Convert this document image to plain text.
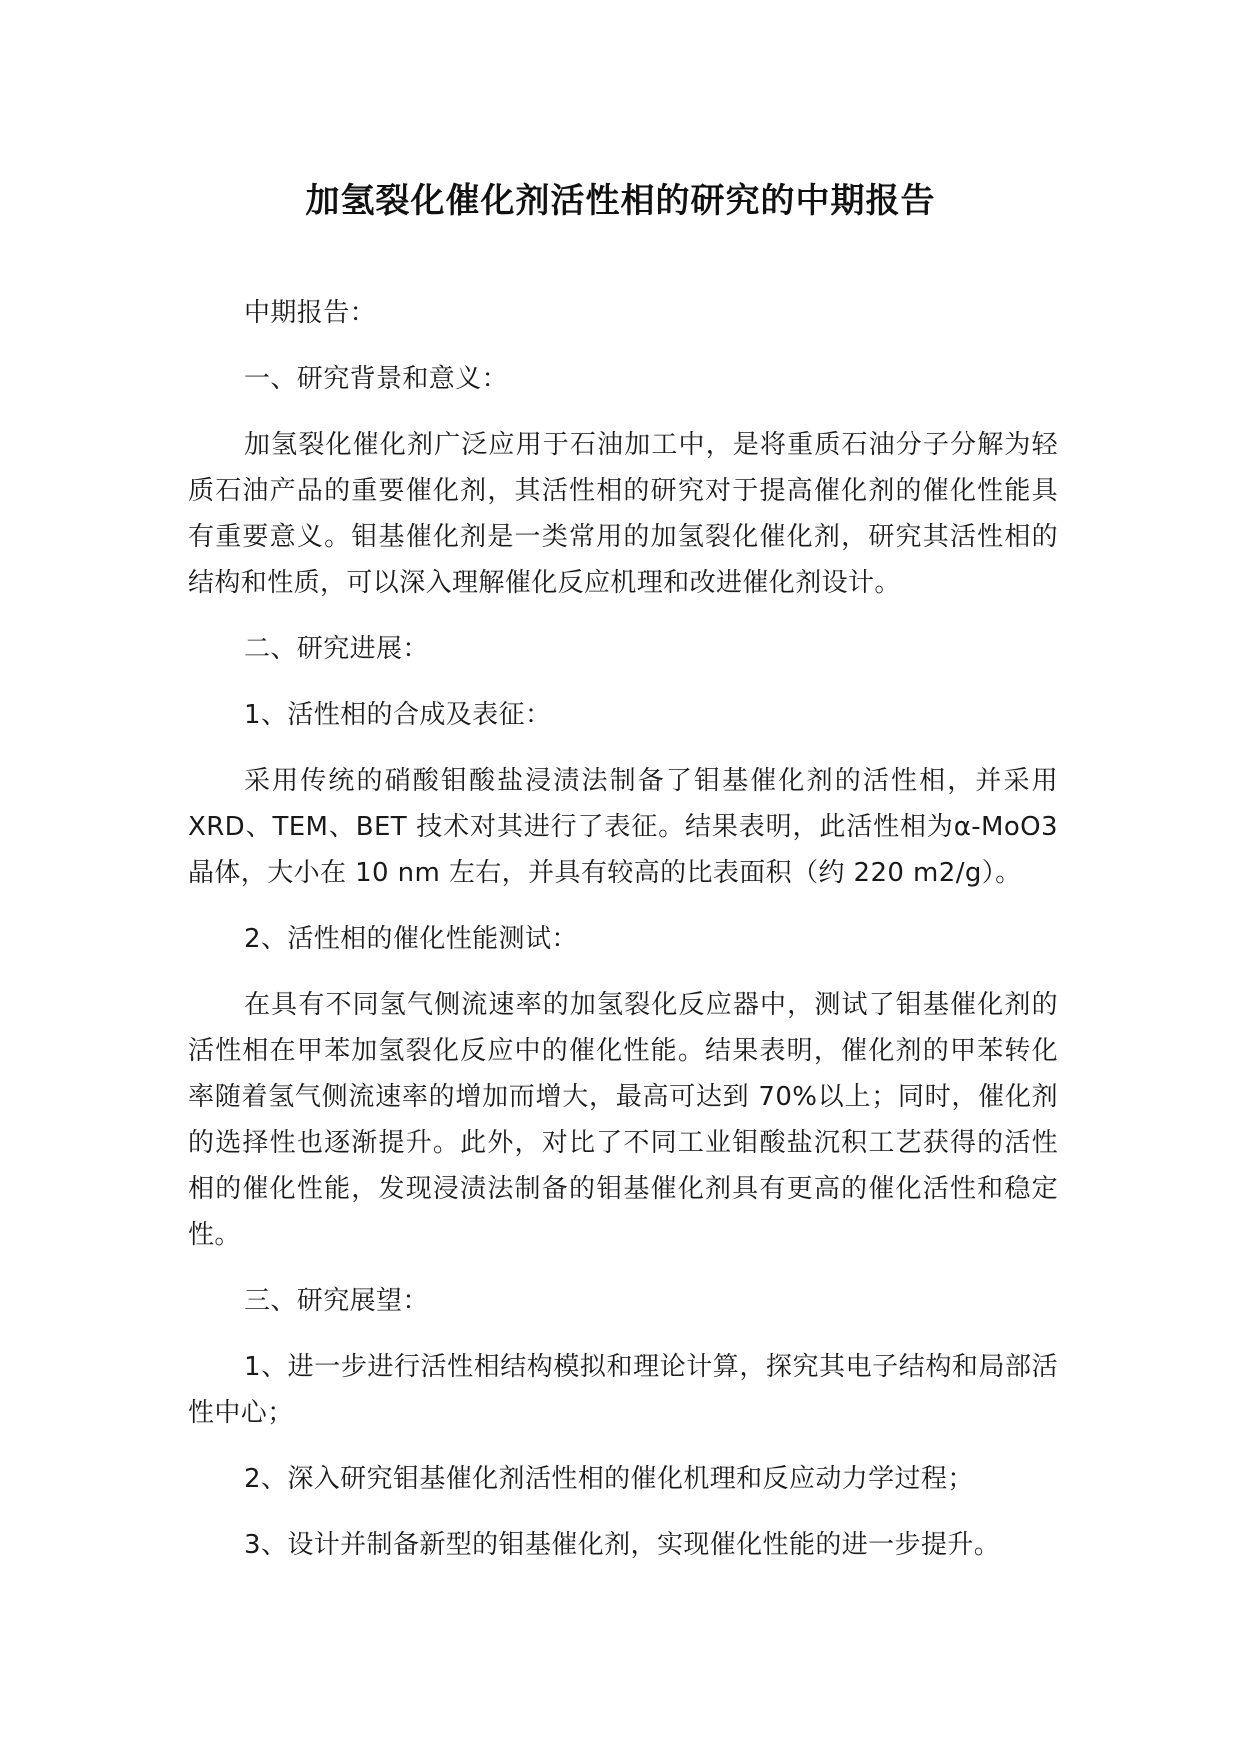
加氢裂化催化剂活性相的研究的中期报告

中期报告：

一、研究背景和意义：

加氢裂化催化剂广泛应用于石油加工中，是将重质石油分子分解为轻质石油产品的重要催化剂，其活性相的研究对于提高催化剂的催化性能具有重要意义。钼基催化剂是一类常用的加氢裂化催化剂，研究其活性相的结构和性质，可以深入理解催化反应机理和改进催化剂设计。

二、研究进展：

1、活性相的合成及表征：

采用传统的硝酸钼酸盐浸渍法制备了钼基催化剂的活性相，并采用 XRD、TEM、BET 技术对其进行了表征。结果表明，此活性相为α-MoO3 晶体，大小在 10 nm 左右，并具有较高的比表面积（约 220 m2/g）。

2、活性相的催化性能测试：

在具有不同氢气侧流速率的加氢裂化反应器中，测试了钼基催化剂的活性相在甲苯加氢裂化反应中的催化性能。结果表明，催化剂的甲苯转化率随着氢气侧流速率的增加而增大，最高可达到 70%以上；同时，催化剂的选择性也逐渐提升。此外，对比了不同工业钼酸盐沉积工艺获得的活性相的催化性能，发现浸渍法制备的钼基催化剂具有更高的催化活性和稳定性。

三、研究展望：

1、进一步进行活性相结构模拟和理论计算，探究其电子结构和局部活性中心；

2、深入研究钼基催化剂活性相的催化机理和反应动力学过程；

3、设计并制备新型的钼基催化剂，实现催化性能的进一步提升。
